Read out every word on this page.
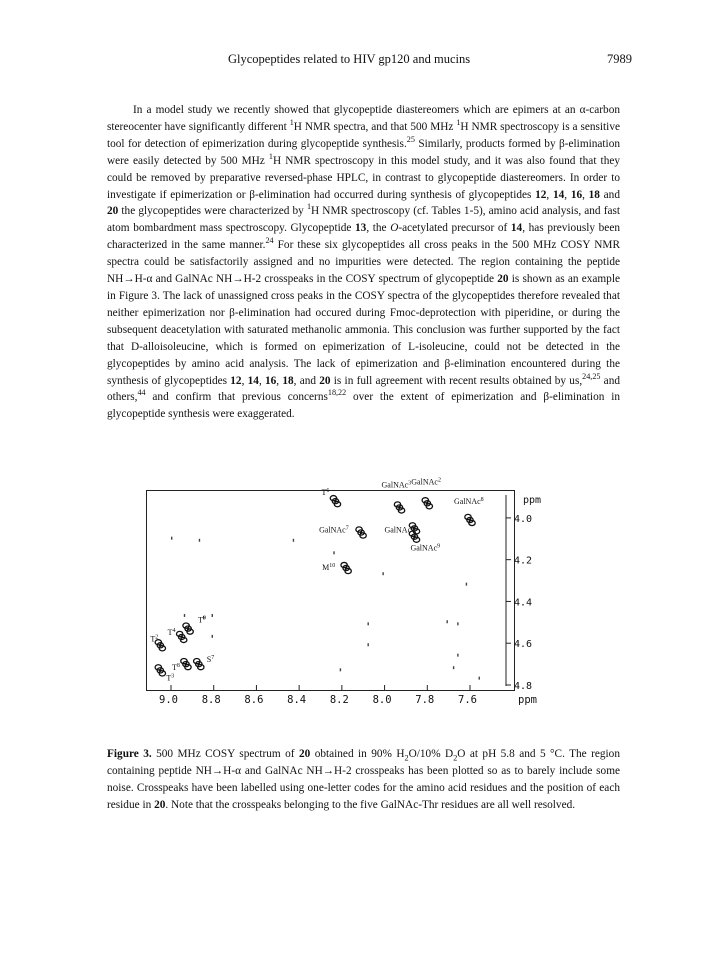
Glycopeptides related to HIV gp120 and mucins	7989

In a model study we recently showed that glycopeptide diastereomers which are epimers at an α-carbon stereocenter have significantly different $^1$H NMR spectra, and that 500 MHz $^1$H NMR spectroscopy is a sensitive tool for detection of epimerization during glycopeptide synthesis.$^{25}$ Similarly, products formed by β-elimination were easily detected by 500 MHz $^1$H NMR spectroscopy in this model study, and it was also found that they could be removed by preparative reversed-phase HPLC, in contrast to glycopeptide diastereomers. In order to investigate if epimerization or β-elimination had occurred during synthesis of glycopeptides 12, 14, 16, 18 and 20 the glycopeptides were characterized by $^1$H NMR spectroscopy (cf. Tables 1-5), amino acid analysis, and fast atom bombardment mass spectroscopy. Glycopeptide 13, the O-acetylated precursor of 14, has previously been characterized in the same manner.$^{24}$ For these six glycopeptides all cross peaks in the 500 MHz COSY NMR spectra could be satisfactorily assigned and no impurities were detected. The region containing the peptide NH→H-α and GalNAc NH→H-2 crosspeaks in the COSY spectrum of glycopeptide 20 is shown as an example in Figure 3. The lack of unassigned cross peaks in the COSY spectra of the glycopeptides therefore revealed that neither epimerization nor β-elimination had occured during Fmoc-deprotection with piperidine, or during the subsequent deacetylation with saturated methanolic ammonia. This conclusion was further supported by the fact that D-alloisoleucine, which is formed on epimerization of L-isoleucine, could not be detected in the glycopeptides by amino acid analysis. The lack of epimerization and β-elimination encountered during the synthesis of glycopeptides 12, 14, 16, 18, and 20 is in full agreement with recent results obtained by us,$^{24,25}$ and others,$^{44}$ and confirm that previous concerns$^{18,22}$ over the extent of epimerization and β-elimination in glycopeptide synthesis were exaggerated.

ppm
4.0
4.2
4.4
4.6
4.8
$T^6$
GalNAc$^3$ GalNAc$^2$
GalNAc$^8$
GalNAc$^7$	GalNAc$^4$
GalNAc$^9$
$M^{10}$
$T^2$
$T^4$
$T^9$
$T^3$
$T^8$
$S^7$

Figure 3. 500 MHz COSY spectrum of 20 obtained in 90% $H_2O/10\%$ $D_2O$ at pH 5.8 and 5 °C. The region containing peptide NH→H-α and GalNAc NH→H-2 crosspeaks has been plotted so as to barely include some noise. Crosspeaks have been labelled using one-letter codes for the amino acid residues and the position of each residue in 20. Note that the crosspeaks belonging to the five GalNAc-Thr residues are all well resolved.

9.0 8.8 8.6 8.4 8.2 8.0 7.8 7.6	ppm
